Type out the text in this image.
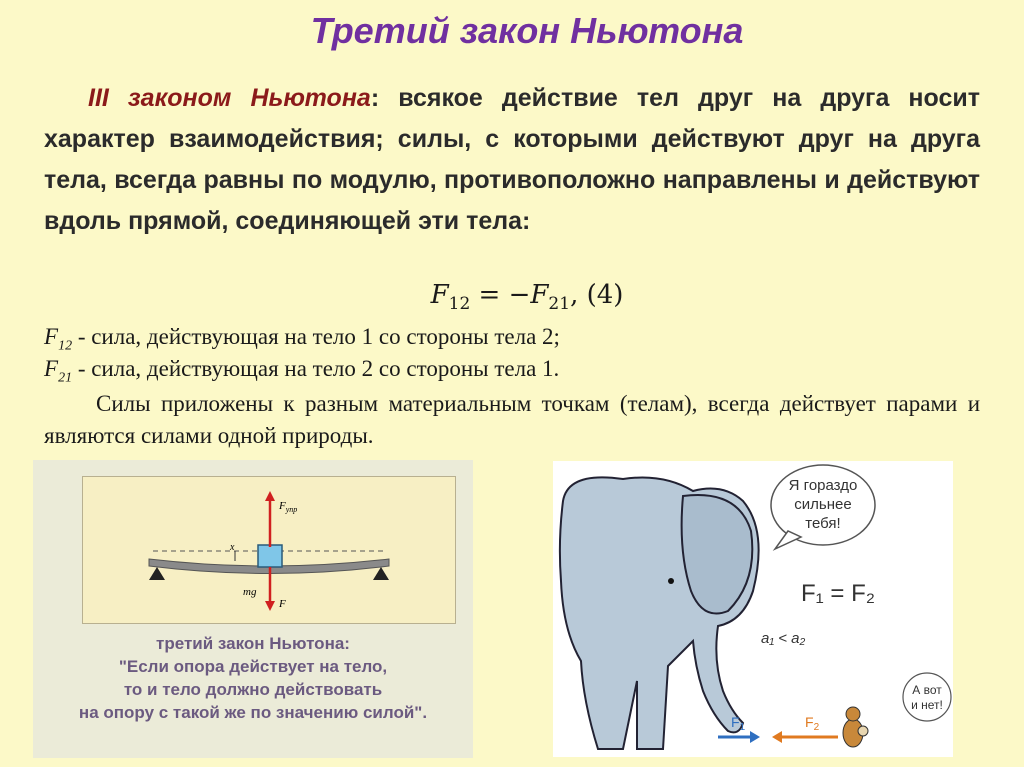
Третий закон Ньютона
III законом Ньютона: всякое действие тел друг на друга носит характер взаимодействия; силы, с которыми действуют друг на друга тела, всегда равны по модулю, противоположно направлены и действуют вдоль прямой, соединяющей эти тела:
$F_{12} = -F_{21}$, (4)
$F_{12}$ - сила, действующая на тело 1 со стороны тела 2;
$F_{21}$ - сила, действующая на тело 2 со стороны тела 1.
Силы приложены к разным материальным точкам (телам), всегда действует парами и являются силами одной природы.
x
$F_{упр}$
mg
F
третий закон Ньютона:
"Если опора действует на тело,
то и тело должно действовать
на опору с такой же по значению силой".
Я гораздо
сильнее
тебя!
F₁ = F₂
a₁ < a₂
А вот
и нет!
$F_1$	$F_2$
